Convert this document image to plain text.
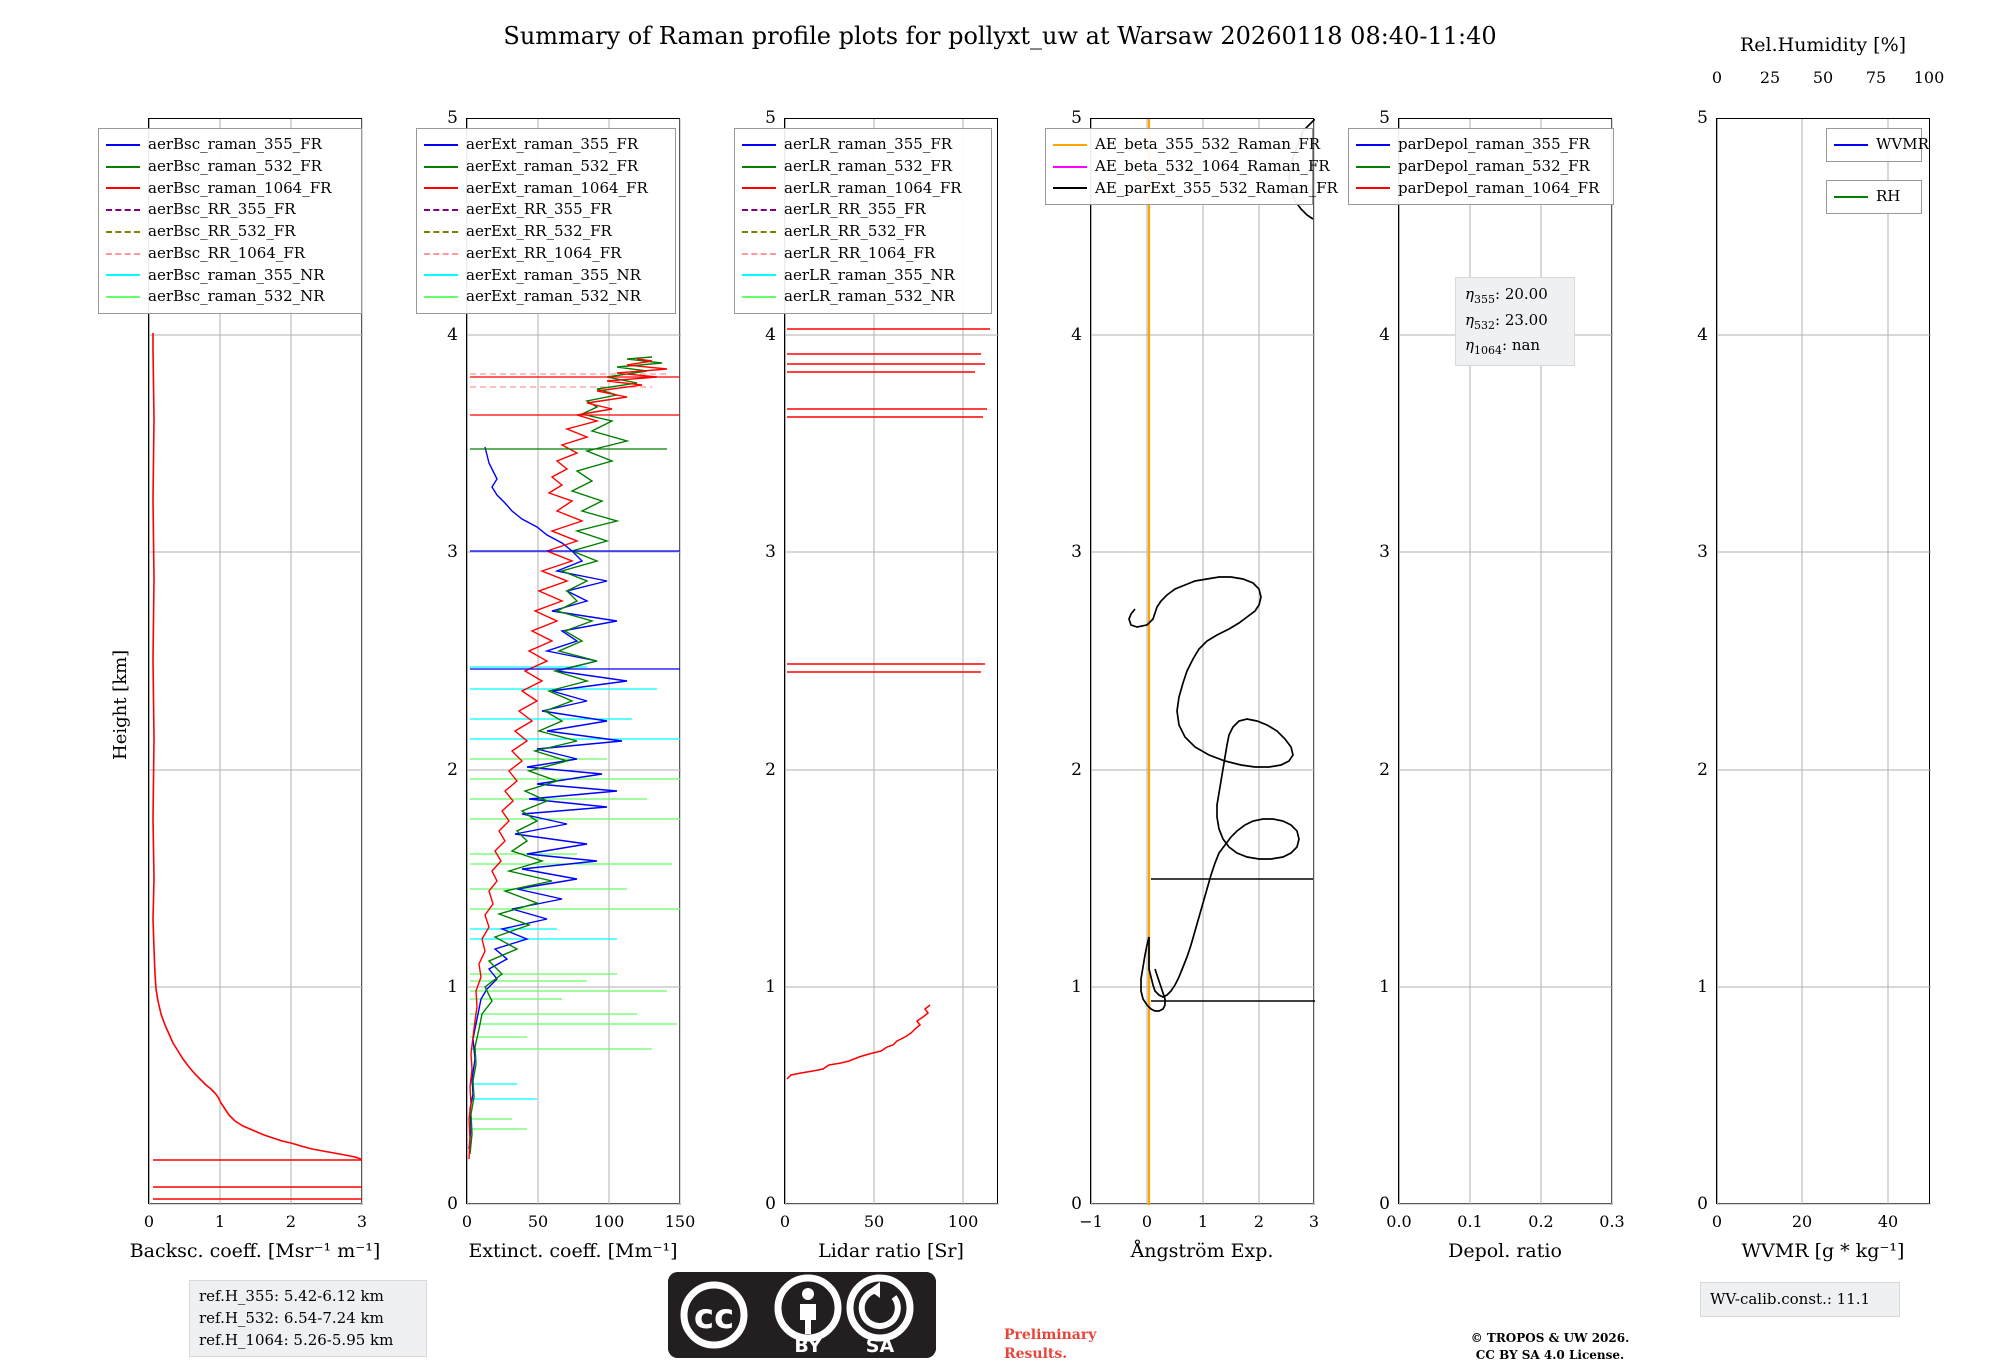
Summary of Raman profile plots for pollyxt_uw at Warsaw 20260118 08:40-11:40
Height [km]
0	1	2	3
Backsc. coeff. [Msr⁻¹ m⁻¹]
aerBsc_raman_355_FR
aerBsc_raman_532_FR
aerBsc_raman_1064_FR
aerBsc_RR_355_FR
aerBsc_RR_532_FR
aerBsc_RR_1064_FR
aerBsc_raman_355_NR
aerBsc_raman_532_NR
5
4
3
2
1
0
0	50	100	150
Extinct. coeff. [Mm⁻¹]
aerExt_raman_355_FR
aerExt_raman_532_FR
aerExt_raman_1064_FR
aerExt_RR_355_FR
aerExt_RR_532_FR
aerExt_RR_1064_FR
aerExt_raman_355_NR
aerExt_raman_532_NR
5
4
3
2
1
0
0	50	100
Lidar ratio [Sr]
aerLR_raman_355_FR
aerLR_raman_532_FR
aerLR_raman_1064_FR
aerLR_RR_355_FR
aerLR_RR_532_FR
aerLR_RR_1064_FR
aerLR_raman_355_NR
aerLR_raman_532_NR
5
4
3
2
1
0
−1 0	1	2	3
Ångström Exp.
AE_beta_355_532_Raman_FR
AE_beta_532_1064_Raman_FR
AE_parExt_355_532_Raman_FR
5
4
3
2
1
0
0.0	0.1	0.2	0.3
Depol. ratio
parDepol_raman_355_FR
parDepol_raman_532_FR
parDepol_raman_1064_FR
$\eta_{355}$: 20.00
$\eta_{532}$: 23.00
$\eta_{1064}$: nan
5
4
3
2
1
0
Rel.Humidity [%]
0 25 50 75 100
0	20	40
WVMR [g * kg⁻¹]
WVMR
RH
ref.H_355: 5.42-6.12 km
ref.H_532: 6.54-7.24 km
ref.H_1064: 5.26-5.95 km
WV-calib.const.: 11.1
Preliminary
Results.
© TROPOS & UW 2026.
CC BY SA 4.0 License.
cc
BY SA
